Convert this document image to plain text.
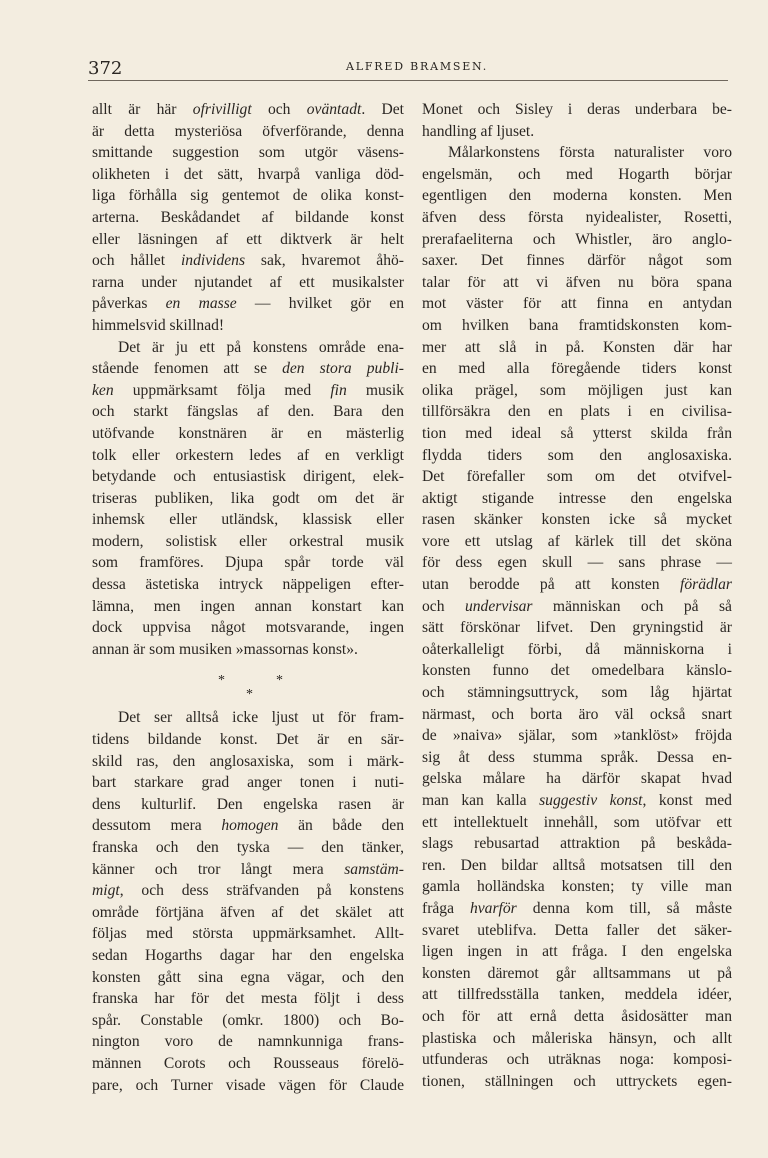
372	ALFRED BRAMSEN.
allt är här ofrivilligt och oväntadt. Det
är detta mysteriösa öfverförande, denna
smittande suggestion som utgör väsens-
olikheten i det sätt, hvarpå vanliga död-
liga förhålla sig gentemot de olika konst-
arterna. Beskådandet af bildande konst
eller läsningen af ett diktverk är helt
och hållet individens sak, hvaremot åhö-
rarna under njutandet af ett musikalster
påverkas en masse — hvilket gör en
himmelsvid skillnad!
Det är ju ett på konstens område ena-
stående fenomen att se den stora publi-
ken uppmärksamt följa med fin musik
och starkt fängslas af den. Bara den
utöfvande konstnären är en mästerlig
tolk eller orkestern ledes af en verkligt
betydande och entusiastisk dirigent, elek-
triseras publiken, lika godt om det är
inhemsk eller utländsk, klassisk eller
modern, solistisk eller orkestral musik
som framföres. Djupa spår torde väl
dessa ästetiska intryck näppeligen efter-
lämna, men ingen annan konstart kan
dock uppvisa något motsvarande, ingen
annan är som musiken »massornas konst».
*	*
*
Det ser alltså icke ljust ut för fram-
tidens bildande konst. Det är en sär-
skild ras, den anglosaxiska, som i märk-
bart starkare grad anger tonen i nuti-
dens kulturlif. Den engelska rasen är
dessutom mera homogen än både den
franska och den tyska — den tänker,
känner och tror långt mera samstäm-
migt, och dess sträfvanden på konstens
område förtjäna äfven af det skälet att
följas med största uppmärksamhet. Allt-
sedan Hogarths dagar har den engelska
konsten gått sina egna vägar, och den
franska har för det mesta följt i dess
spår. Constable (omkr. 1800) och Bo-
nington voro de namnkunniga frans-
männen Corots och Rousseaus förelö-
pare, och Turner visade vägen för Claude
Monet och Sisley i deras underbara be-
handling af ljuset.
Målarkonstens första naturalister voro
engelsmän, och med Hogarth börjar
egentligen den moderna konsten. Men
äfven dess första nyidealister, Rosetti,
prerafaeliterna och Whistler, äro anglo-
saxer. Det finnes därför något som
talar för att vi äfven nu böra spana
mot väster för att finna en antydan
om hvilken bana framtidskonsten kom-
mer att slå in på. Konsten där har
en med alla föregående tiders konst
olika prägel, som möjligen just kan
tillförsäkra den en plats i en civilisa-
tion med ideal så ytterst skilda från
flydda tiders som den anglosaxiska.
Det förefaller som om det otvifvel-
aktigt stigande intresse den engelska
rasen skänker konsten icke så mycket
vore ett utslag af kärlek till det sköna
för dess egen skull — sans phrase —
utan berodde på att konsten förädlar
och undervisar människan och på så
sätt förskönar lifvet. Den gryningstid är
oåterkalleligt förbi, då människorna i
konsten funno det omedelbara känslo-
och stämningsuttryck, som låg hjärtat
närmast, och borta äro väl också snart
de »naiva» själar, som »tanklöst» fröjda
sig åt dess stumma språk. Dessa en-
gelska målare ha därför skapat hvad
man kan kalla suggestiv konst, konst med
ett intellektuelt innehåll, som utöfvar ett
slags rebusartad attraktion på beskåda-
ren. Den bildar alltså motsatsen till den
gamla holländska konsten; ty ville man
fråga hvarför denna kom till, så måste
svaret uteblifva. Detta faller det säker-
ligen ingen in att fråga. I den engelska
konsten däremot går alltsammans ut på
att tillfredsställa tanken, meddela idéer,
och för att ernå detta åsidosätter man
plastiska och måleriska hänsyn, och allt
utfunderas och uträknas noga: komposi-
tionen, ställningen och uttryckets egen-
